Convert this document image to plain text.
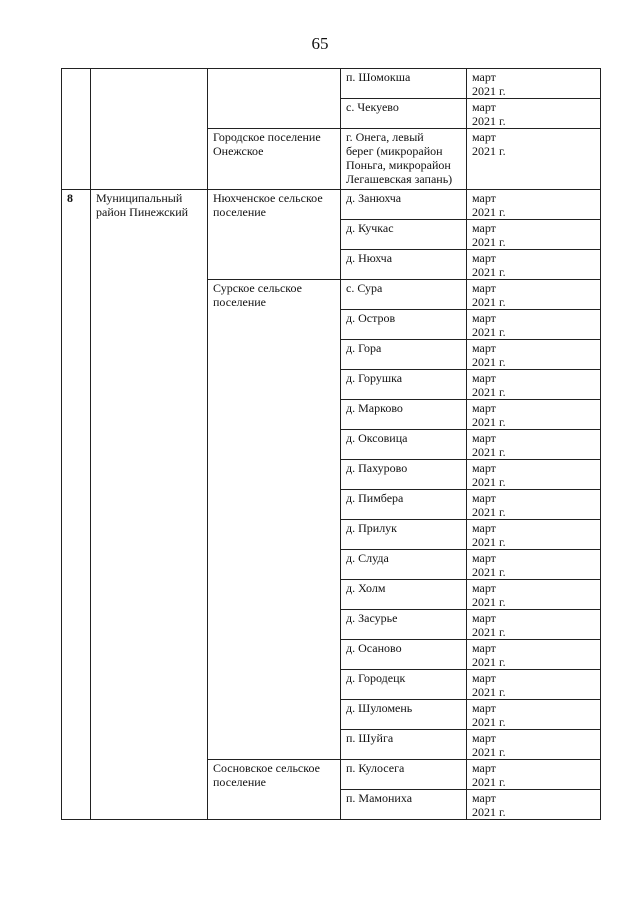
65
			п. Шомокша	март
2021 г.
			с. Чекуево	март
2021 г.
		Городское поселение
Онежское	г. Онега, левый
берег (микрорайон
Поньга, микрорайон
Легашевская запань)	март
2021 г.
8	Муниципальный
район Пинежский	Нюхченское сельское
поселение	д. Занюхча	март
2021 г.
			д. Кучкас	март
2021 г.
			д. Нюхча	март
2021 г.
		Сурское сельское
поселение	с. Сура	март
2021 г.
			д. Остров	март
2021 г.
			д. Гора	март
2021 г.
			д. Горушка	март
2021 г.
			д. Марково	март
2021 г.
			д. Оксовица	март
2021 г.
			д. Пахурово	март
2021 г.
			д. Пимбера	март
2021 г.
			д. Прилук	март
2021 г.
			д. Слуда	март
2021 г.
			д. Холм	март
2021 г.
			д. Засурье	март
2021 г.
			д. Осаново	март
2021 г.
			д. Городецк	март
2021 г.
			д. Шуломень	март
2021 г.
			п. Шуйга	март
2021 г.
		Сосновское сельское
поселение	п. Кулосега	март
2021 г.
			п. Мамониха	март
2021 г.
